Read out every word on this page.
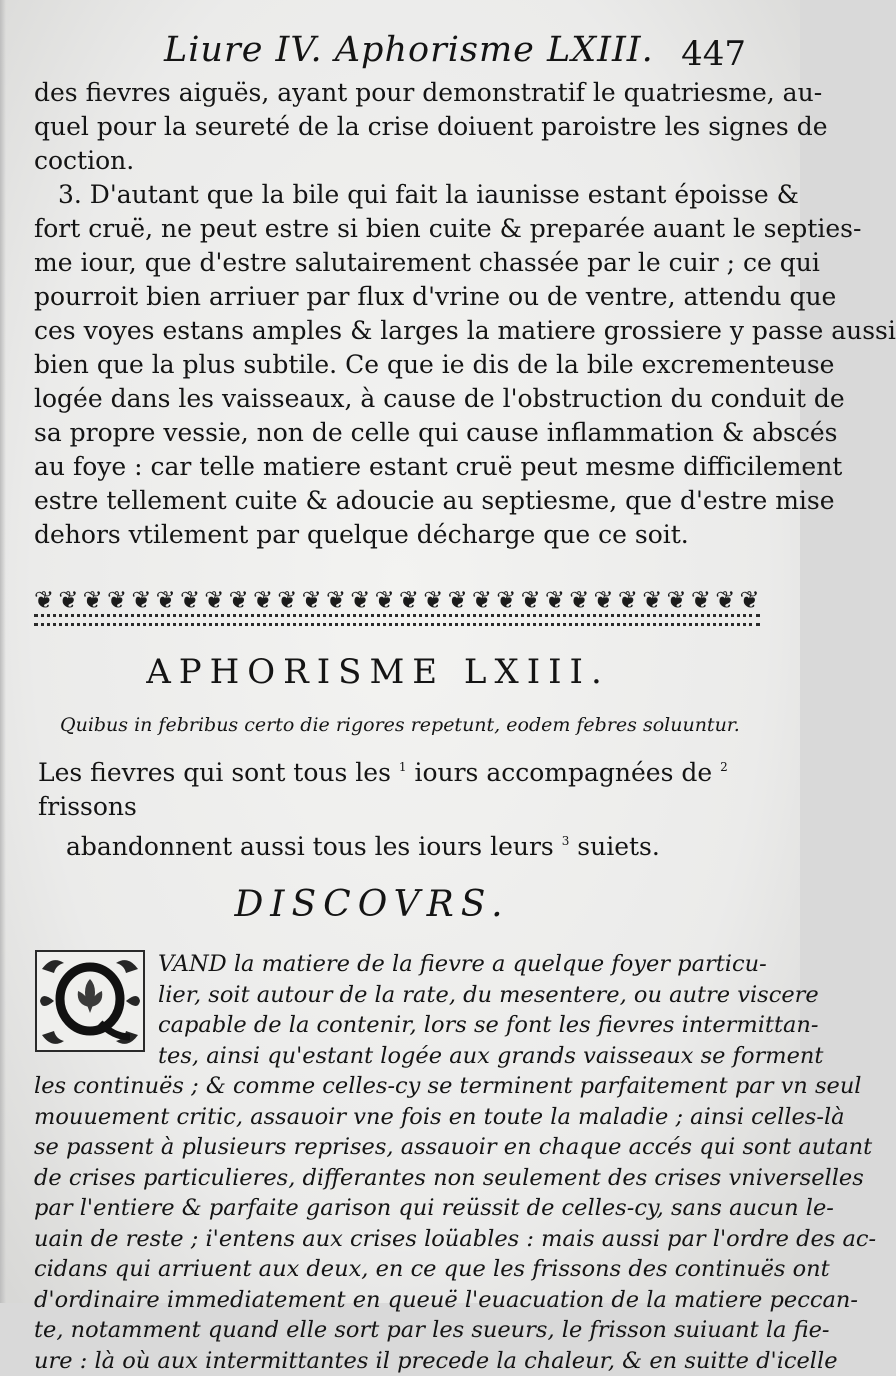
Liure IV. Aphorisme LXIII. 447
des fievres aiguës, ayant pour demonstratif le quatriesme, au-
quel pour la seureté de la crise doiuent paroistre les signes de
coction.
3. D'autant que la bile qui fait la iaunisse estant époisse &
fort cruë, ne peut estre si bien cuite & preparée auant le septies-
me iour, que d'estre salutairement chassée par le cuir ; ce qui
pourroit bien arriuer par flux d'vrine ou de ventre, attendu que
ces voyes estans amples & larges la matiere grossiere y passe aussi
bien que la plus subtile. Ce que ie dis de la bile excrementeuse
logée dans les vaisseaux, à cause de l'obstruction du conduit de
sa propre vessie, non de celle qui cause inflammation & abscés
au foye : car telle matiere estant cruë peut mesme difficilement
estre tellement cuite & adoucie au septiesme, que d'estre mise
dehors vtilement par quelque décharge que ce soit.
❦ ❦ ❦ ❦ ❦ ❦ ❦ ❦ ❦ ❦ ❦ ❦ ❦ ❦ ❦ ❦ ❦ ❦ ❦ ❦ ❦ ❦ ❦ ❦ ❦ ❦ ❦ ❦ ❦ ❦
APHORISME LXIII.
Quibus in febribus certo die rigores repetunt, eodem febres soluuntur.
Les fievres qui sont tous les $^1$ iours accompagnées de $^2$ frissons
abandonnent aussi tous les iours leurs $^3$ suiets.
DISCOVRS.
VAND la matiere de la fievre a quelque foyer particu-
lier, soit autour de la rate, du mesentere, ou autre viscere
capable de la contenir, lors se font les fievres intermittan-
tes, ainsi qu'estant logée aux grands vaisseaux se forment
les continuës ; & comme celles-cy se terminent parfaitement par vn seul
mouuement critic, assauoir vne fois en toute la maladie ; ainsi celles-là
se passent à plusieurs reprises, assauoir en chaque accés qui sont autant
de crises particulieres, differantes non seulement des crises vniverselles
par l'entiere & parfaite garison qui reüssit de celles-cy, sans aucun le-
uain de reste ; i'entens aux crises loüables : mais aussi par l'ordre des ac-
cidans qui arriuent aux deux, en ce que les frissons des continuës ont
d'ordinaire immediatement en queuë l'euacuation de la matiere peccan-
te, notamment quand elle sort par les sueurs, le frisson suiuant la fie-
ure : là où aux intermittantes il precede la chaleur, & en suitte d'icelle
